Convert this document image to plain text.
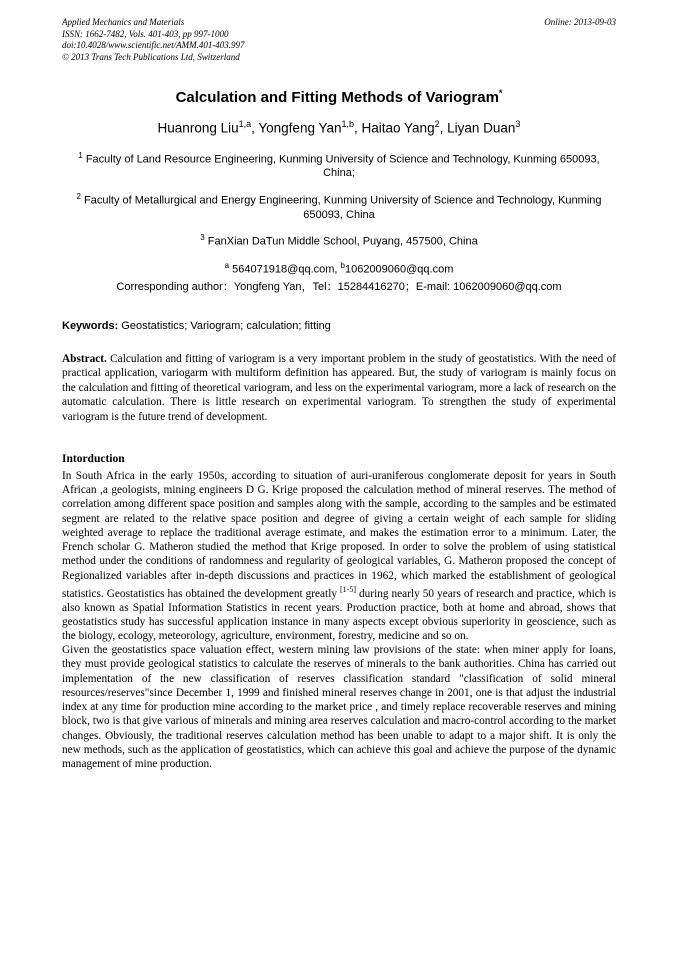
Applied Mechanics and Materials
ISSN: 1662-7482, Vols. 401-403, pp 997-1000
doi:10.4028/www.scientific.net/AMM.401-403.997
© 2013 Trans Tech Publications Ltd, Switzerland
Online: 2013-09-03
Calculation and Fitting Methods of Variogram*
Huanrong Liu$^{1,a}$, Yongfeng Yan$^{1,b}$, Haitao Yang$^2$, Liyan Duan$^3$
$^1$ Faculty of Land Resource Engineering, Kunming University of Science and Technology, Kunming 650093, China;
$^2$ Faculty of Metallurgical and Energy Engineering, Kunming University of Science and Technology, Kunming 650093, China
$^3$ FanXian DaTun Middle School, Puyang, 457500, China
$^a$ 564071918@qq.com, $^b$1062009060@qq.com
Corresponding author：Yongfeng Yan，Tel：15284416270；E-mail: 1062009060@qq.com
Keywords: Geostatistics; Variogram; calculation; fitting
Abstract. Calculation and fitting of variogram is a very important problem in the study of geostatistics. With the need of practical application, variogarm with multiform definition has appeared. But, the study of variogram is mainly focus on the calculation and fitting of theoretical variogram, and less on the experimental variogram, more a lack of research on the automatic calculation. There is little research on experimental variogram. To strengthen the study of experimental variogram is the future trend of development.
Intorduction

In South Africa in the early 1950s, according to situation of auri-uraniferous conglomerate deposit for years in South African ,a geologists, mining engineers D G. Krige proposed the calculation method of mineral reserves. The method of correlation among different space position and samples along with the sample, according to the samples and be estimated segment are related to the relative space position and degree of giving a certain weight of each sample for sliding weighted average to replace the traditional average estimate, and makes the estimation error to a minimum. Later, the French scholar G. Matheron studied the method that Krige proposed. In order to solve the problem of using statistical method under the conditions of randomness and regularity of geological variables, G. Matheron proposed the concept of Regionalized variables after in-depth discussions and practices in 1962, which marked the establishment of geological statistics. Geostatistics has obtained the development greatly [1-5] during nearly 50 years of research and practice, which is also known as Spatial Information Statistics in recent years. Production practice, both at home and abroad, shows that geostatistics study has successful application instance in many aspects except obvious superiority in geoscience, such as the biology, ecology, meteorology, agriculture, environment, forestry, medicine and so on.

Given the geostatistics space valuation effect, western mining law provisions of the state: when miner apply for loans, they must provide geological statistics to calculate the reserves of minerals to the bank authorities. China has carried out implementation of the new classification of reserves classification standard "classification of solid mineral resources/reserves"since December 1, 1999 and finished mineral reserves change in 2001, one is that adjust the industrial index at any time for production mine according to the market price , and timely replace recoverable reserves and mining block, two is that give various of minerals and mining area reserves calculation and macro-control according to the market changes. Obviously, the traditional reserves calculation method has been unable to adapt to a major shift. It is only the new methods, such as the application of geostatistics, which can achieve this goal and achieve the purpose of the dynamic management of mine production.
